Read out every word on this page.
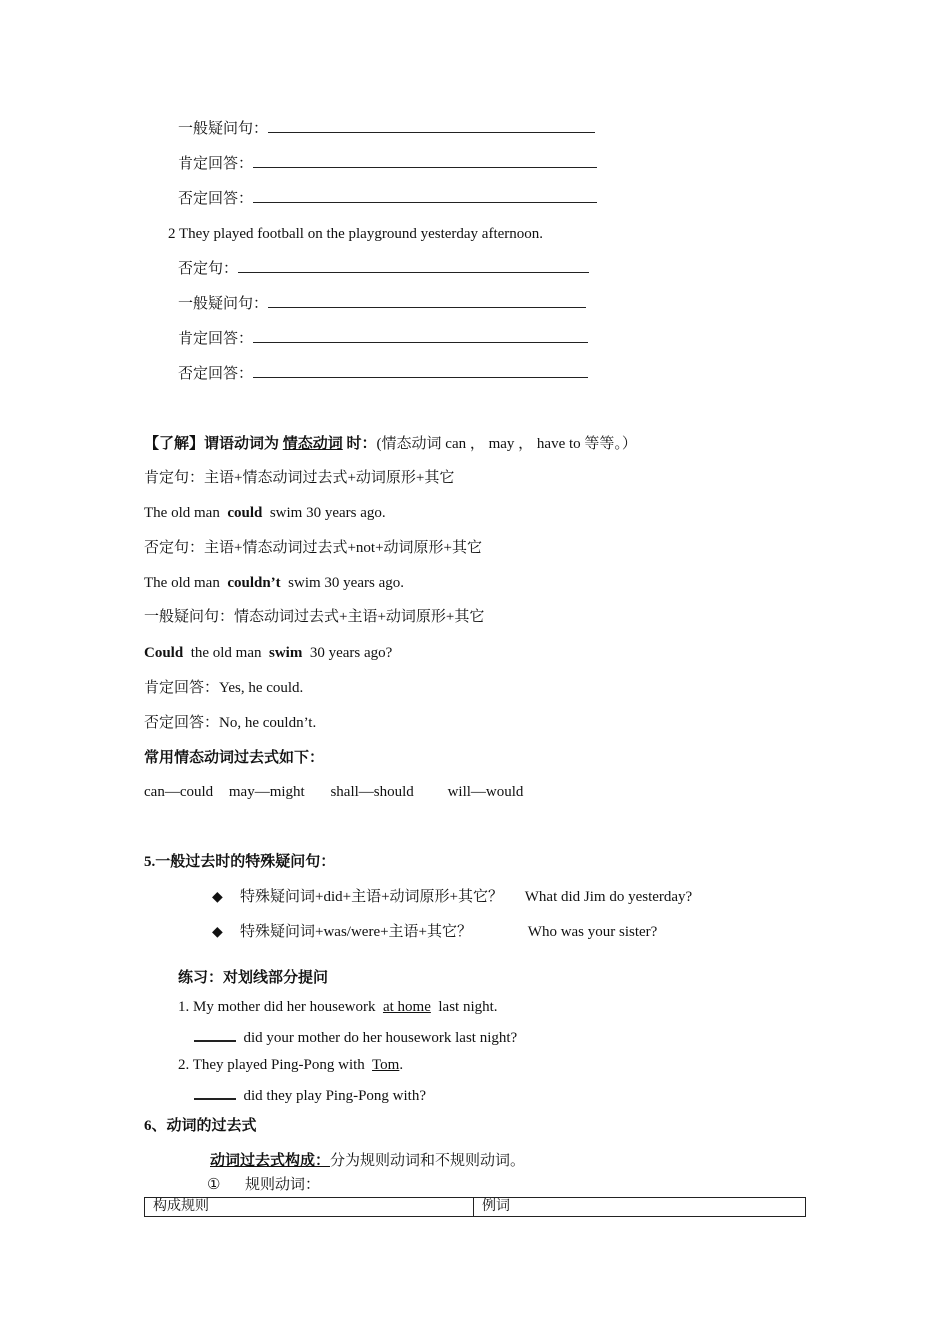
一般疑问句：
肯定回答：
否定回答：
2 They played football on the playground yesterday afternoon.
否定句：
一般疑问句：
肯定回答：
否定回答：
【了解】谓语动词为 情态动词 时：(情态动词 can ， may ， have to 等等。）
肯定句：主语+情态动词过去式+动词原形+其它
The old man could swim 30 years ago.
否定句：主语+情态动词过去式+not+动词原形+其它
The old man couldn’t swim 30 years ago.
一般疑问句：情态动词过去式+主语+动词原形+其它
Could the old man swim 30 years ago?
肯定回答：Yes, he could.
否定回答：No, he couldn’t.
常用情态动词过去式如下：
can—could may—might shall—should will—would
5.一般过去时的特殊疑问句：
◆ 特殊疑问词+did+主语+动词原形+其它？ What did Jim do yesterday?
◆ 特殊疑问词+was/were+主语+其它？	Who was your sister?
练习：对划线部分提问
1. My mother did her housework at home last night.
did your mother do her housework last night?
2. They played Ping-Pong with Tom.
did they play Ping-Pong with?
6、动词的过去式
动词过去式构成：分为规则动词和不规则动词。
① 规则动词：
构成规则	例词
